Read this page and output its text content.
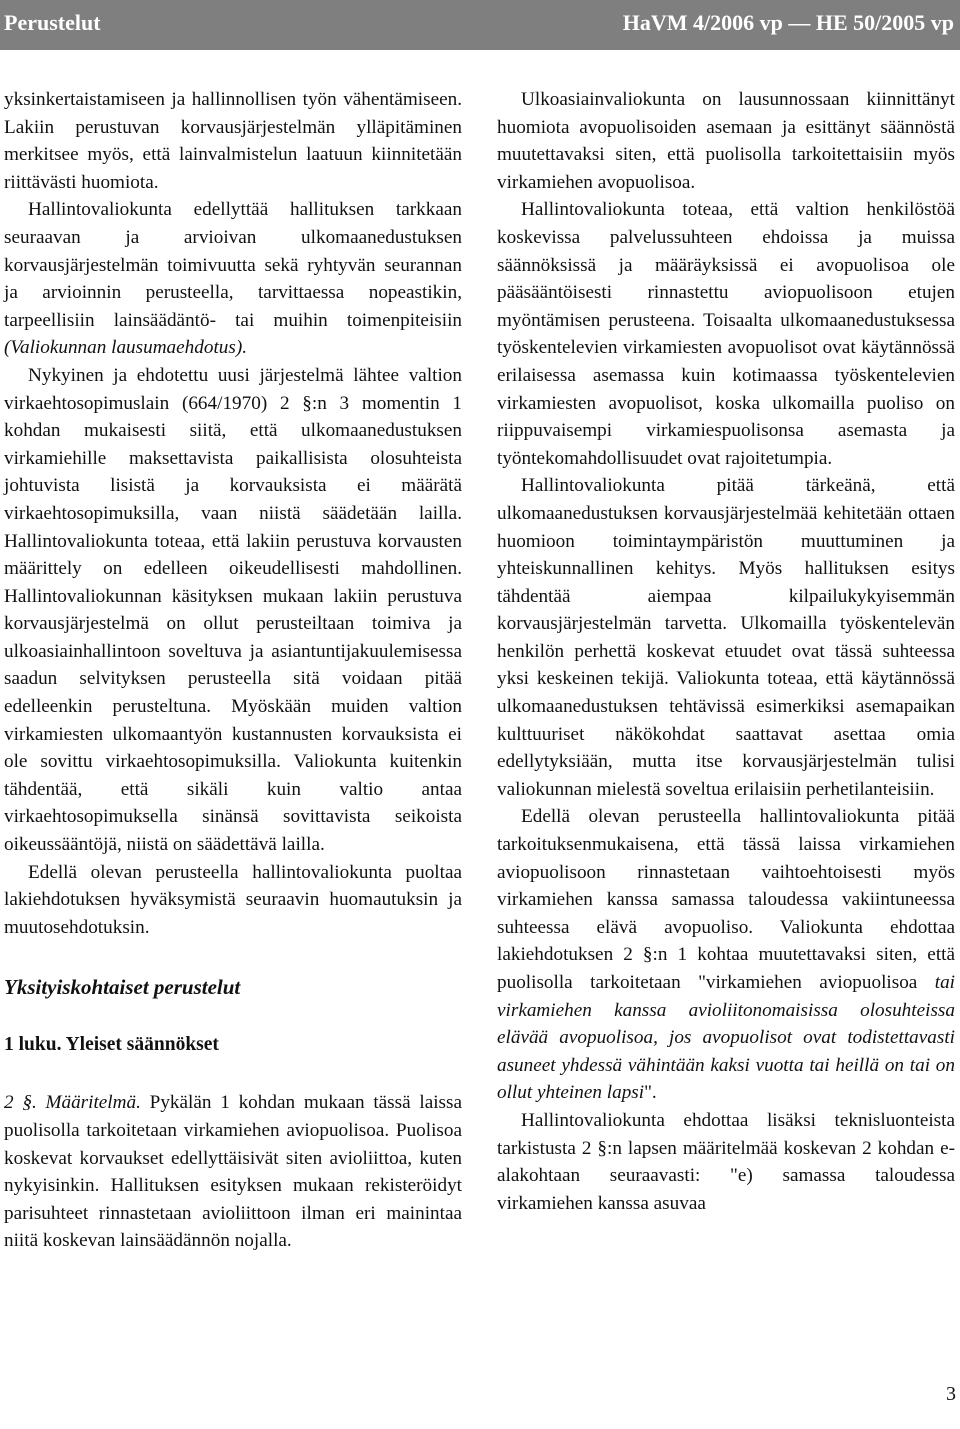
Perustelut	HaVM 4/2006 vp — HE 50/2005 vp

yksinkertaistamiseen ja hallinnollisen työn vähentämiseen. Lakiin perustuvan korvausjärjestelmän ylläpitäminen merkitsee myös, että lainvalmistelun laatuun kiinnitetään riittävästi huomiota.

Hallintovaliokunta edellyttää hallituksen tarkkaan seuraavan ja arvioivan ulkomaanedustuksen korvausjärjestelmän toimivuutta sekä ryhtyvän seurannan ja arvioinnin perusteella, tarvittaessa nopeastikin, tarpeellisiin lainsäädäntö- tai muihin toimenpiteisiin (Valiokunnan lausumaehdotus).

Nykyinen ja ehdotettu uusi järjestelmä lähtee valtion virkaehtosopimuslain (664/1970) 2 §:n 3 momentin 1 kohdan mukaisesti siitä, että ulkomaanedustuksen virkamiehille maksettavista paikallisista olosuhteista johtuvista lisistä ja korvauksista ei määrätä virkaehtosopimuksilla, vaan niistä säädetään lailla. Hallintovaliokunta toteaa, että lakiin perustuva korvausten määrittely on edelleen oikeudellisesti mahdollinen. Hallintovaliokunnan käsityksen mukaan lakiin perustuva korvausjärjestelmä on ollut perusteiltaan toimiva ja ulkoasiainhallintoon soveltuva ja asiantuntijakuulemisessa saadun selvityksen perusteella sitä voidaan pitää edelleenkin perusteltuna. Myöskään muiden valtion virkamiesten ulkomaantyön kustannusten korvauksista ei ole sovittu virkaehtosopimuksilla. Valiokunta kuitenkin tähdentää, että sikäli kuin valtio antaa virkaehtosopimuksella sinänsä sovittavista seikoista oikeussääntöjä, niistä on säädettävä lailla.

Edellä olevan perusteella hallintovaliokunta puoltaa lakiehdotuksen hyväksymistä seuraavin huomautuksin ja muutosehdotuksin.

Yksityiskohtaiset perustelut
1 luku. Yleiset säännökset

2 §. Määritelmä. Pykälän 1 kohdan mukaan tässä laissa puolisolla tarkoitetaan virkamiehen aviopuolisoa. Puolisoa koskevat korvaukset edellyttäisivät siten avioliittoa, kuten nykyisinkin. Hallituksen esityksen mukaan rekisteröidyt parisuhteet rinnastetaan avioliittoon ilman eri mainintaa niitä koskevan lainsäädännön nojalla.

Ulkoasiainvaliokunta on lausunnossaan kiinnittänyt huomiota avopuolisoiden asemaan ja esittänyt säännöstä muutettavaksi siten, että puolisolla tarkoitettaisiin myös virkamiehen avopuolisoa.

Hallintovaliokunta toteaa, että valtion henkilöstöä koskevissa palvelussuhteen ehdoissa ja muissa säännöksissä ja määräyksissä ei avopuolisoa ole pääsääntöisesti rinnastettu aviopuolisoon etujen myöntämisen perusteena. Toisaalta ulkomaanedustuksessa työskentelevien virkamiesten avopuolisot ovat käytännössä erilaisessa asemassa kuin kotimaassa työskentelevien virkamiesten avopuolisot, koska ulkomailla puoliso on riippuvaisempi virkamiespuolisonsa asemasta ja työntekomahdollisuudet ovat rajoitetumpia.

Hallintovaliokunta pitää tärkeänä, että ulkomaanedustuksen korvausjärjestelmää kehitetään ottaen huomioon toimintaympäristön muuttuminen ja yhteiskunnallinen kehitys. Myös hallituksen esitys tähdentää aiempaa kilpailukykyisemmän korvausjärjestelmän tarvetta. Ulkomailla työskentelevän henkilön perhettä koskevat etuudet ovat tässä suhteessa yksi keskeinen tekijä. Valiokunta toteaa, että käytännössä ulkomaanedustuksen tehtävissä esimerkiksi asemapaikan kulttuuriset näkökohdat saattavat asettaa omia edellytyksiään, mutta itse korvausjärjestelmän tulisi valiokunnan mielestä soveltua erilaisiin perhetilanteisiin.

Edellä olevan perusteella hallintovaliokunta pitää tarkoituksenmukaisena, että tässä laissa virkamiehen aviopuolisoon rinnastetaan vaihtoehtoisesti myös virkamiehen kanssa samassa taloudessa vakiintuneessa suhteessa elävä avopuoliso. Valiokunta ehdottaa lakiehdotuksen 2 §:n 1 kohtaa muutettavaksi siten, että puolisolla tarkoitetaan "virkamiehen aviopuolisoa tai virkamiehen kanssa avioliitonomaisissa olosuhteissa elävää avopuolisoa, jos avopuolisot ovat todistettavasti asuneet yhdessä vähintään kaksi vuotta tai heillä on tai on ollut yhteinen lapsi".

Hallintovaliokunta ehdottaa lisäksi teknisluonteista tarkistusta 2 §:n lapsen määritelmää koskevan 2 kohdan e-alakohtaan seuraavasti: "e) samassa taloudessa virkamiehen kanssa asuvaa

3
